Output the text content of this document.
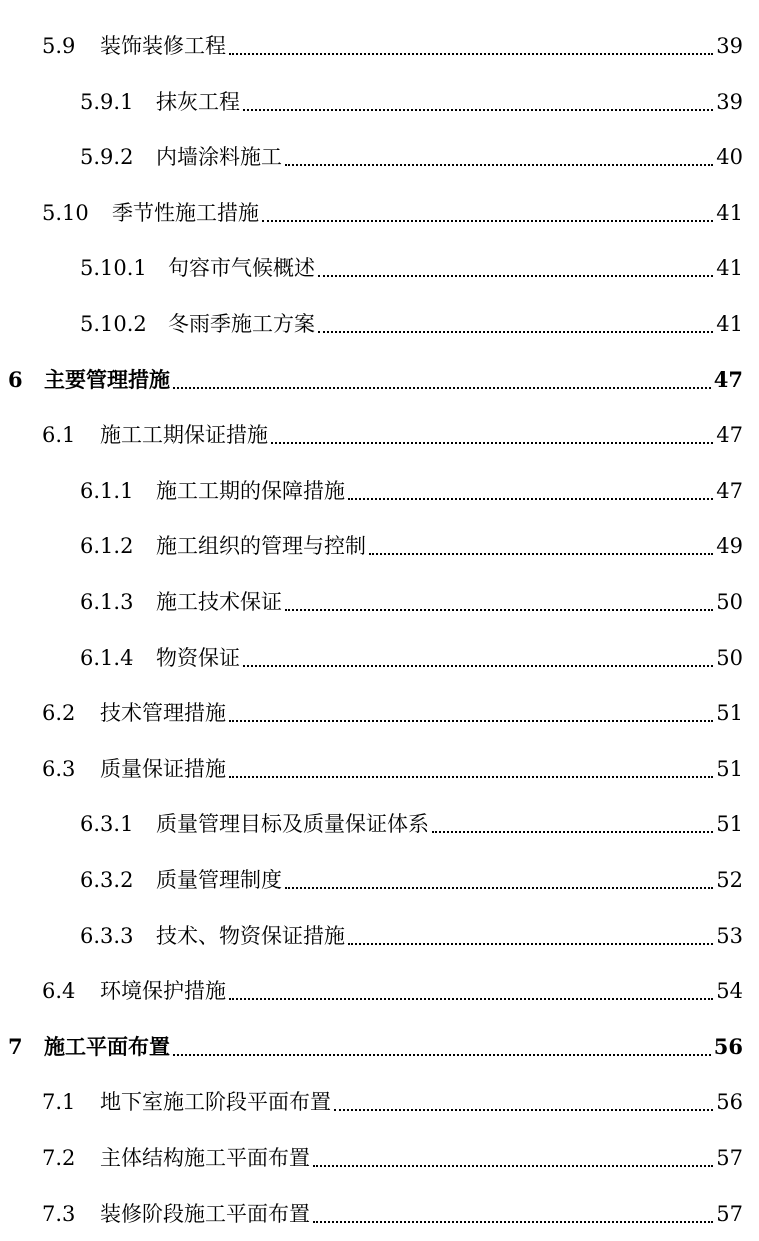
5.9	装饰装修工程	39
5.9.1	抹灰工程	39
5.9.2	内墙涂料施工	40
5.10	季节性施工措施	41
5.10.1	句容市气候概述	41
5.10.2	冬雨季施工方案	41
6	主要管理措施	47
6.1	施工工期保证措施	47
6.1.1	施工工期的保障措施	47
6.1.2	施工组织的管理与控制	49
6.1.3	施工技术保证	50
6.1.4	物资保证	50
6.2	技术管理措施	51
6.3	质量保证措施	51
6.3.1	质量管理目标及质量保证体系	51
6.3.2	质量管理制度	52
6.3.3	技术、物资保证措施	53
6.4	环境保护措施	54
7	施工平面布置	56
7.1	地下室施工阶段平面布置	56
7.2	主体结构施工平面布置	57
7.3	装修阶段施工平面布置	57
